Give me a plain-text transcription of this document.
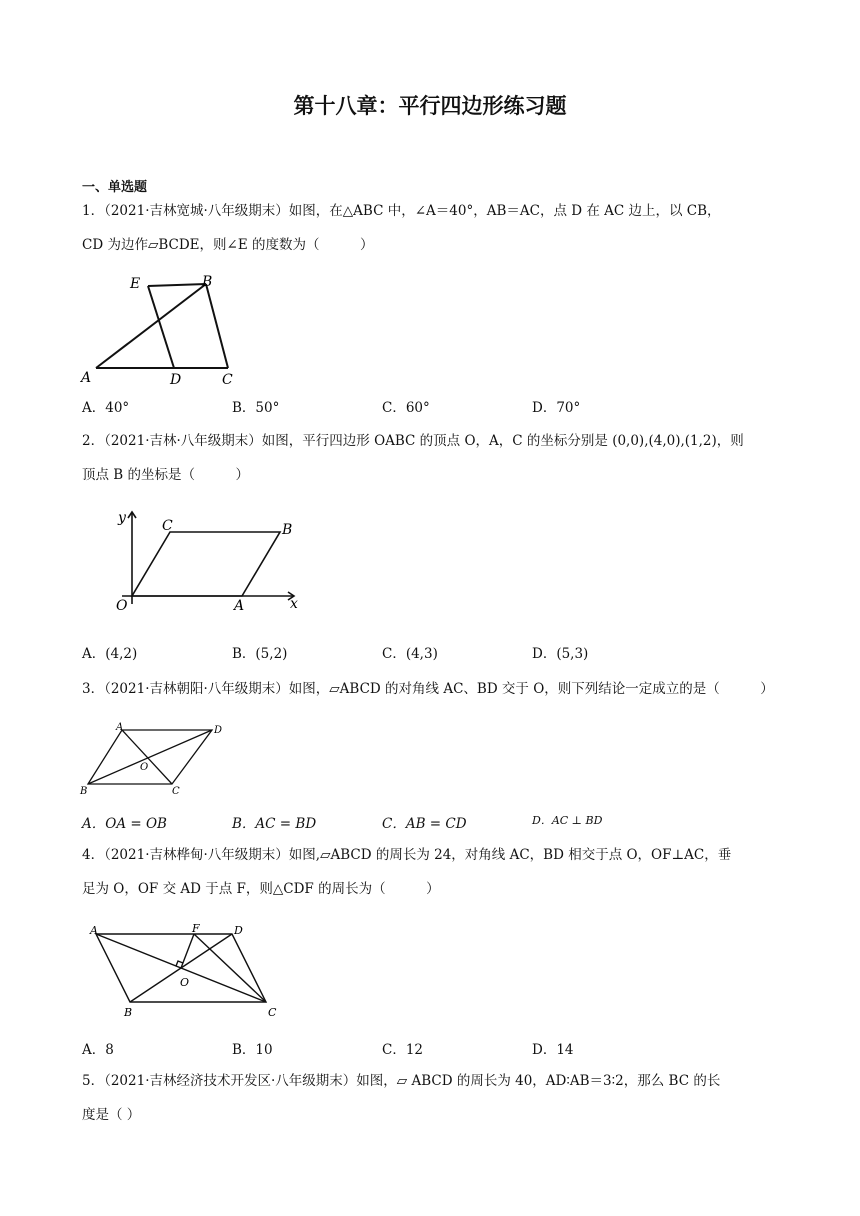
第十八章：平行四边形练习题
一、单选题
1．（2021·吉林宽城·八年级期末）如图，在△ABC 中，∠A＝40°，AB＝AC，点 D 在 AC 边上，以 CB，
CD 为边作▱BCDE，则∠E 的度数为（　　　）
E	B
A	D	C
A．40°	B．50°	C．60°	D．70°
2．（2021·吉林·八年级期末）如图，平行四边形 OABC 的顶点 O，A，C 的坐标分别是 (0,0),(4,0),(1,2)，则
顶点 B 的坐标是（　　　）
y
x
O	A
B
C
A．(4,2)	B．(5,2)	C．(4,3)	D．(5,3)
3．（2021·吉林朝阳·八年级期末）如图，▱ABCD 的对角线 AC、BD 交于 O，则下列结论一定成立的是（　　　）
A
B	C
D
O
A．OA = OB	B．AC = BD	C．AB = CD	D．AC ⊥ BD
4．（2021·吉林桦甸·八年级期末）如图,▱ABCD 的周长为 24，对角线 AC，BD 相交于点 O，OF⊥AC，垂
足为 O，OF 交 AD 于点 F，则△CDF 的周长为（　　　）
A	F	D
O
B	C
A．8	B．10	C．12	D．14
5．（2021·吉林经济技术开发区·八年级期末）如图，▱ ABCD 的周长为 40，AD∶AB＝3∶2，那么 BC 的长
度是（ ）
